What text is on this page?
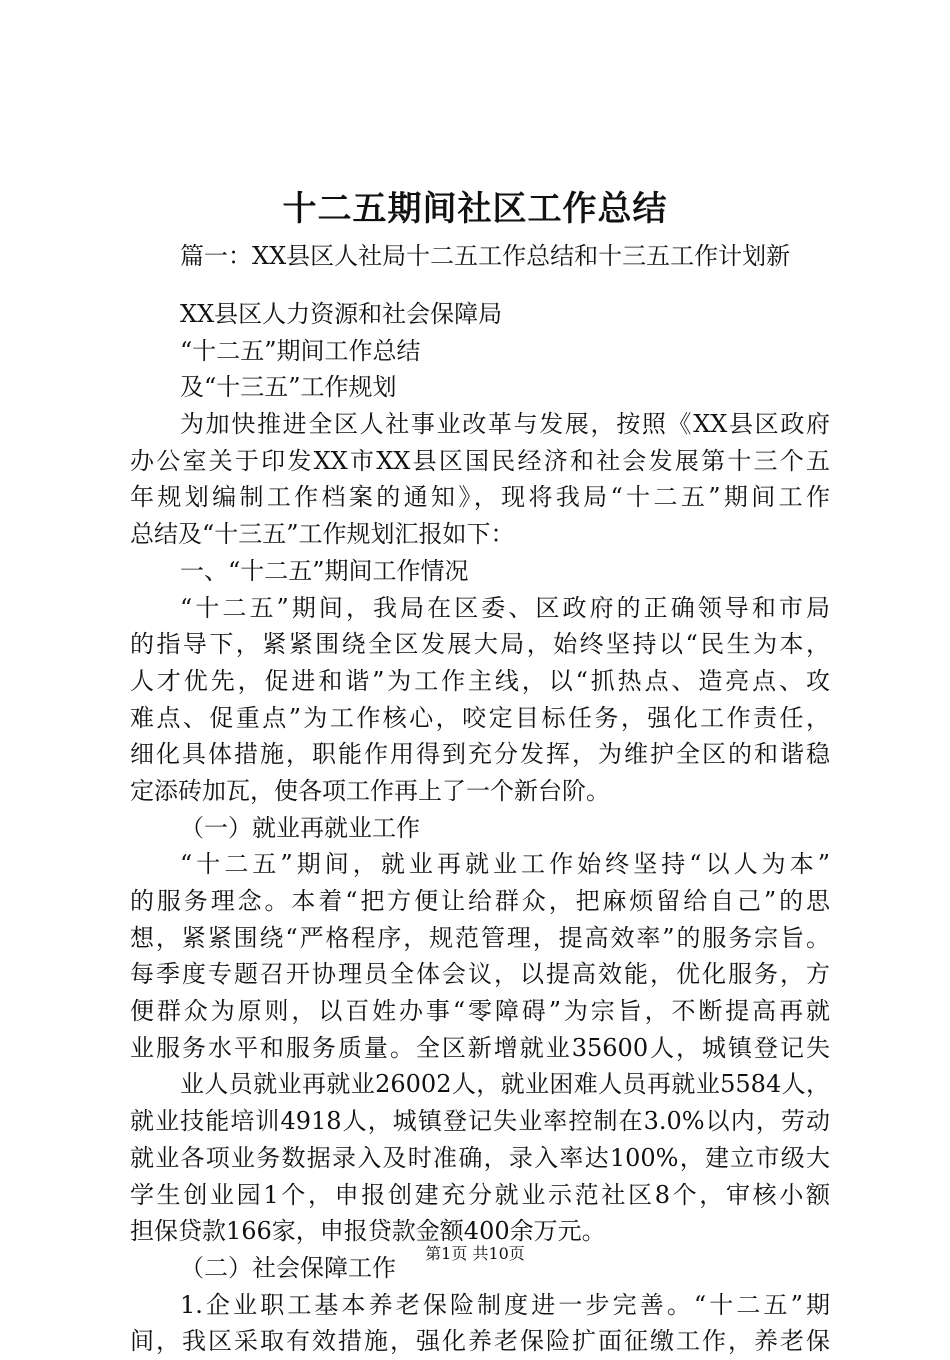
十二五期间社区工作总结
篇一：XX县区人社局十二五工作总结和十三五工作计划新
XX县区人力资源和社会保障局
“十二五”期间工作总结
及“十三五”工作规划
为加快推进全区人社事业改革与发展，按照《XX县区政府
办公室关于印发XX市XX县区国民经济和社会发展第十三个五
年规划编制工作档案的通知》，现将我局“十二五”期间工作
总结及“十三五”工作规划汇报如下：
一、“十二五”期间工作情况
“十二五”期间，我局在区委、区政府的正确领导和市局
的指导下，紧紧围绕全区发展大局，始终坚持以“民生为本，
人才优先，促进和谐”为工作主线，以“抓热点、造亮点、攻
难点、促重点”为工作核心，咬定目标任务，强化工作责任，
细化具体措施，职能作用得到充分发挥，为维护全区的和谐稳
定添砖加瓦，使各项工作再上了一个新台阶。
（一）就业再就业工作
“十二五”期间，就业再就业工作始终坚持“以人为本”
的服务理念。本着“把方便让给群众，把麻烦留给自己”的思
想，紧紧围绕“严格程序，规范管理，提高效率”的服务宗旨。
每季度专题召开协理员全体会议，以提高效能，优化服务，方
便群众为原则，以百姓办事“零障碍”为宗旨，不断提高再就
业服务水平和服务质量。全区新增就业35600人，城镇登记失
业人员就业再就业26002人，就业困难人员再就业5584人，
就业技能培训4918人，城镇登记失业率控制在3.0%以内，劳动
就业各项业务数据录入及时准确，录入率达100%，建立市级大
学生创业园1个，申报创建充分就业示范社区8个，审核小额
担保贷款166家，申报贷款金额400余万元。
（二）社会保障工作
1.企业职工基本养老保险制度进一步完善。“十二五”期
间，我区采取有效措施，强化养老保险扩面征缴工作，养老保
第1页 共10页
